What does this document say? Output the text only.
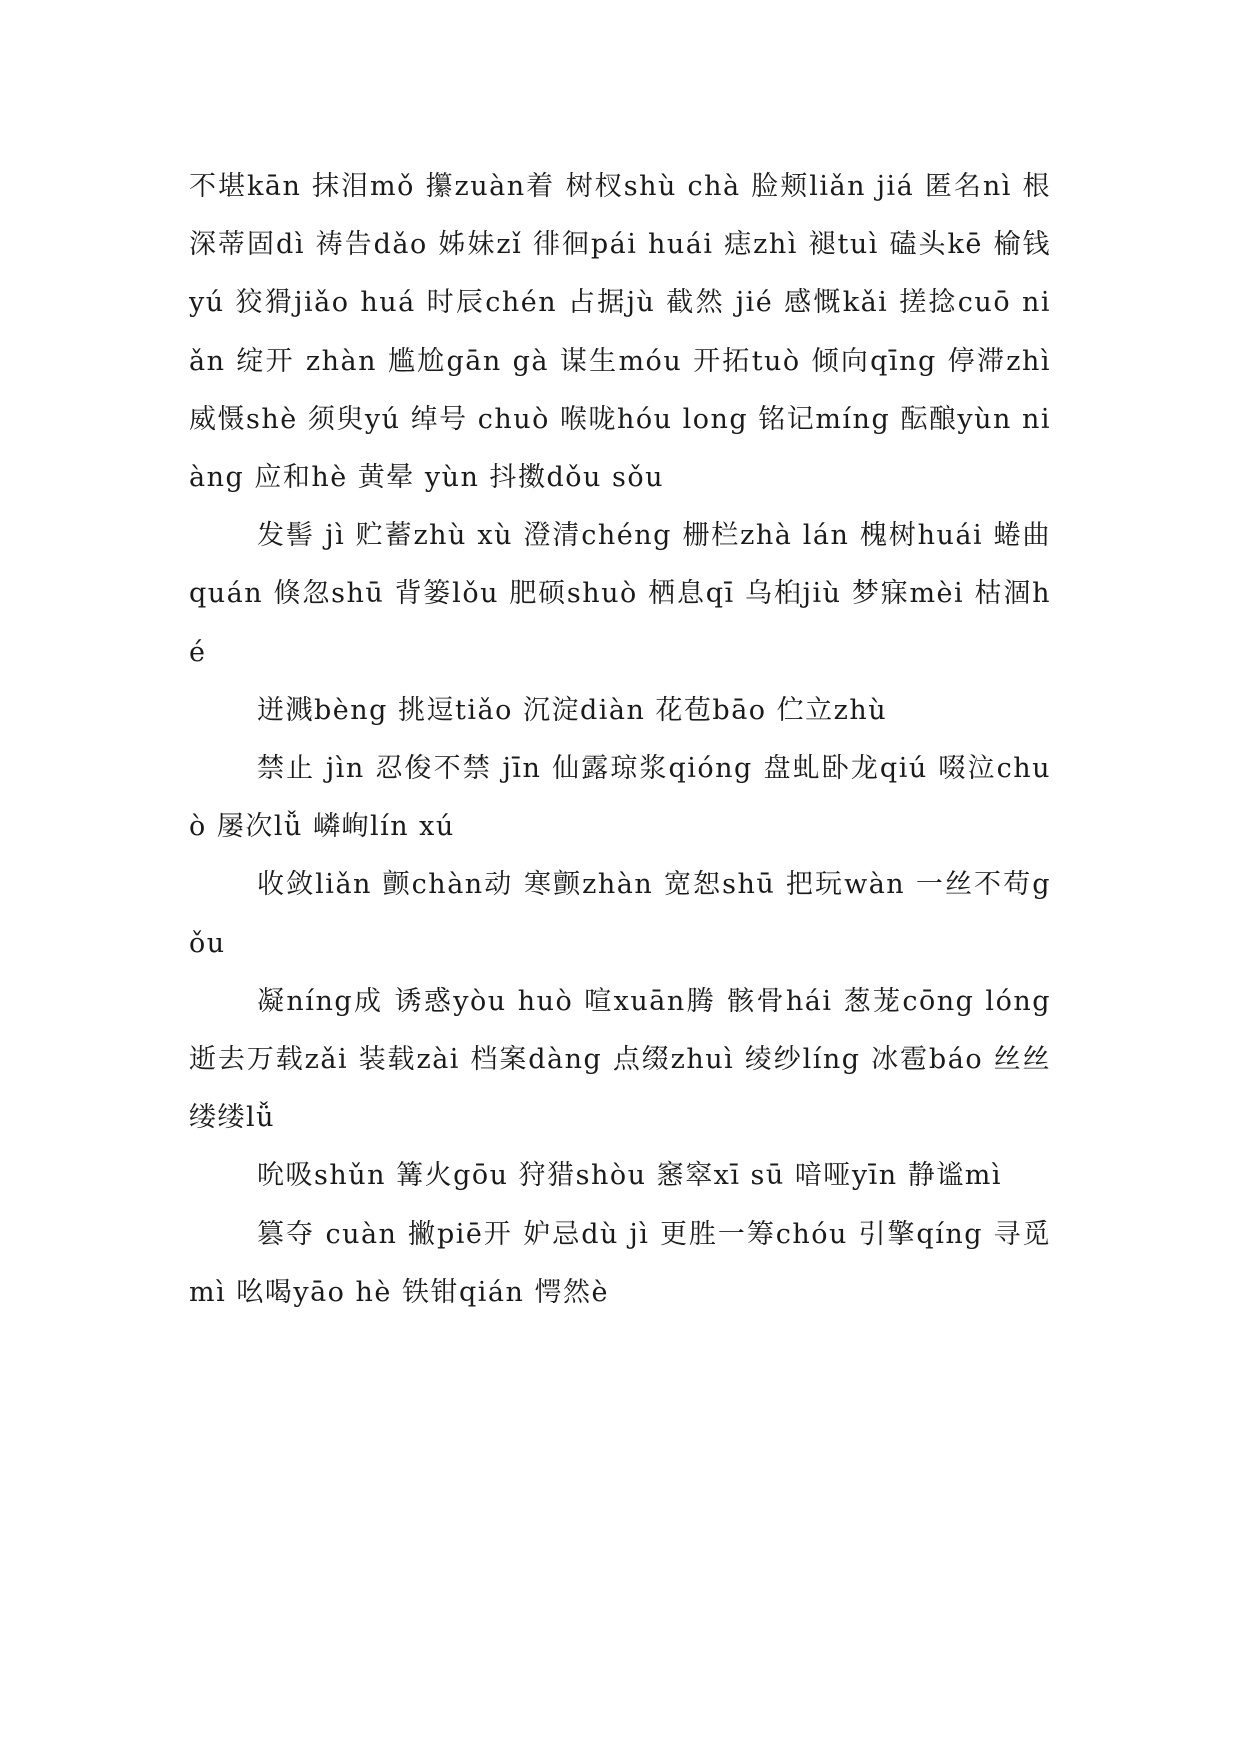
不堪kān 抹泪mǒ 攥zuàn着 树杈shù chà 脸颊liǎn jiá 匿名nì 根深蒂固dì 祷告dǎo 姊妹zǐ 徘徊pái huái 痣zhì 褪tuì 磕头kē 榆钱yú 狡猾jiǎo huá 时辰chén 占据jù 截然 jié 感慨kǎi 搓捻cuō niǎn 绽开 zhàn 尴尬gān gà 谋生móu 开拓tuò 倾向qīng 停滞zhì 威慑shè 须臾yú 绰号 chuò 喉咙hóu long 铭记míng 酝酿yùn niàng 应和hè 黄晕 yùn 抖擞dǒu sǒu

发髻 jì 贮蓄zhù xù 澄清chéng 栅栏zhà lán 槐树huái 蜷曲quán 倏忽shū 背篓lǒu 肥硕shuò 栖息qī 乌桕jiù 梦寐mèi 枯涸hé

迸溅bèng 挑逗tiǎo 沉淀diàn 花苞bāo 伫立zhù

禁止 jìn 忍俊不禁 jīn 仙露琼浆qióng 盘虬卧龙qiú 啜泣chuò 屡次lǚ 嶙峋lín xú

收敛liǎn 颤chàn动 寒颤zhàn 宽恕shū 把玩wàn 一丝不苟gǒu

凝níng成 诱惑yòu huò 喧xuān腾 骸骨hái 葱茏cōng lóng 逝去万载zǎi 装载zài 档案dàng 点缀zhuì 绫纱líng 冰雹báo 丝丝缕缕lǚ

吮吸shǔn 篝火gōu 狩猎shòu 窸窣xī sū 喑哑yīn 静谧mì

篡夺 cuàn 撇piē开 妒忌dù jì 更胜一筹chóu 引擎qíng 寻觅mì 吆喝yāo hè 铁钳qián 愕然è
